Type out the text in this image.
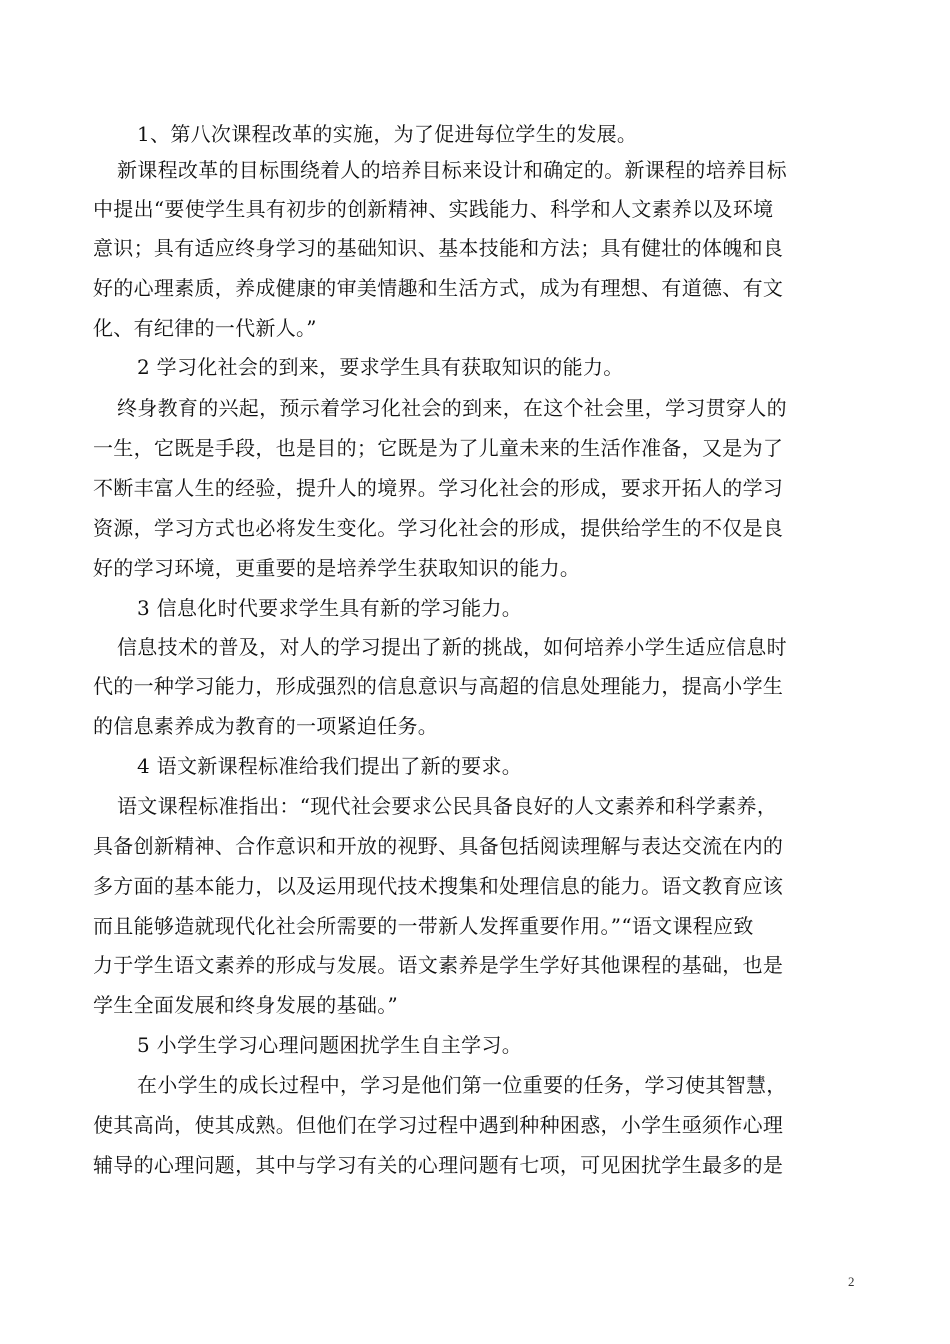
1、第八次课程改革的实施，为了促进每位学生的发展。
新课程改革的目标围绕着人的培养目标来设计和确定的。新课程的培养目标
中提出“要使学生具有初步的创新精神、实践能力、科学和人文素养以及环境
意识；具有适应终身学习的基础知识、基本技能和方法；具有健壮的体魄和良
好的心理素质，养成健康的审美情趣和生活方式，成为有理想、有道德、有文
化、有纪律的一代新人。”
2 学习化社会的到来，要求学生具有获取知识的能力。
终身教育的兴起，预示着学习化社会的到来，在这个社会里，学习贯穿人的
一生，它既是手段，也是目的；它既是为了儿童未来的生活作准备，又是为了
不断丰富人生的经验，提升人的境界。学习化社会的形成，要求开拓人的学习
资源，学习方式也必将发生变化。学习化社会的形成，提供给学生的不仅是良
好的学习环境，更重要的是培养学生获取知识的能力。
3 信息化时代要求学生具有新的学习能力。
信息技术的普及，对人的学习提出了新的挑战，如何培养小学生适应信息时
代的一种学习能力，形成强烈的信息意识与高超的信息处理能力，提高小学生
的信息素养成为教育的一项紧迫任务。
4 语文新课程标准给我们提出了新的要求。
语文课程标准指出：“现代社会要求公民具备良好的人文素养和科学素养，
具备创新精神、合作意识和开放的视野、具备包括阅读理解与表达交流在内的
多方面的基本能力，以及运用现代技术搜集和处理信息的能力。语文教育应该
而且能够造就现代化社会所需要的一带新人发挥重要作用。”“语文课程应致
力于学生语文素养的形成与发展。语文素养是学生学好其他课程的基础，也是
学生全面发展和终身发展的基础。”
5 小学生学习心理问题困扰学生自主学习。
在小学生的成长过程中，学习是他们第一位重要的任务，学习使其智慧，
使其高尚，使其成熟。但他们在学习过程中遇到种种困惑，小学生亟须作心理
辅导的心理问题，其中与学习有关的心理问题有七项，可见困扰学生最多的是
2
